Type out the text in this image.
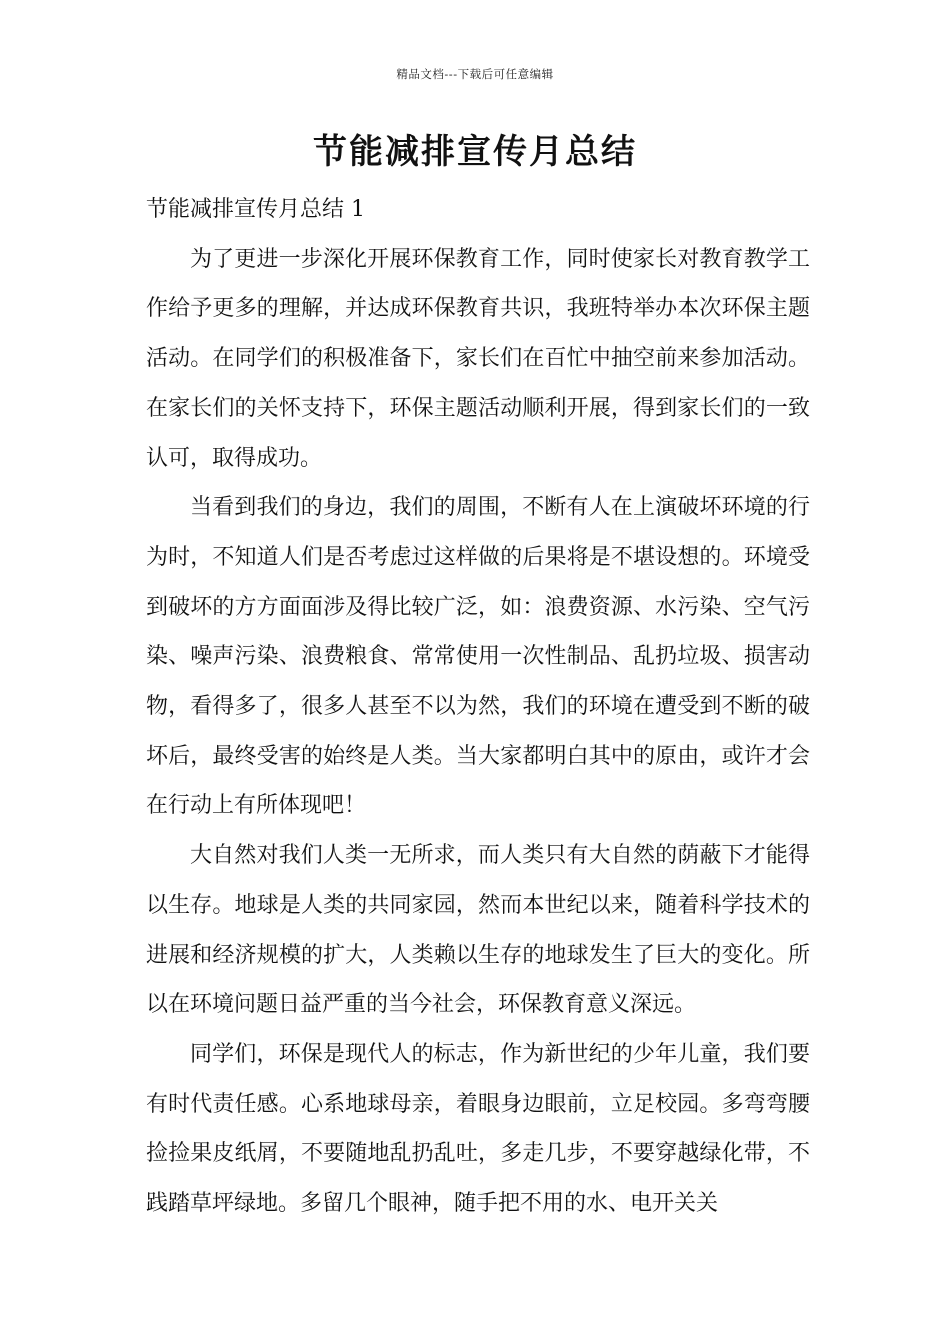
精品文档---下载后可任意编辑
节能减排宣传月总结

节能减排宣传月总结 1

为了更进一步深化开展环保教育工作，同时使家长对教育教学工作给予更多的理解，并达成环保教育共识，我班特举办本次环保主题活动。在同学们的积极准备下，家长们在百忙中抽空前来参加活动。在家长们的关怀支持下，环保主题活动顺利开展，得到家长们的一致认可，取得成功。

当看到我们的身边，我们的周围，不断有人在上演破坏环境的行为时，不知道人们是否考虑过这样做的后果将是不堪设想的。环境受到破坏的方方面面涉及得比较广泛，如：浪费资源、水污染、空气污染、噪声污染、浪费粮食、常常使用一次性制品、乱扔垃圾、损害动物，看得多了，很多人甚至不以为然，我们的环境在遭受到不断的破坏后，最终受害的始终是人类。当大家都明白其中的原由，或许才会在行动上有所体现吧！

大自然对我们人类一无所求，而人类只有大自然的荫蔽下才能得以生存。地球是人类的共同家园，然而本世纪以来，随着科学技术的进展和经济规模的扩大，人类赖以生存的地球发生了巨大的变化。所以在环境问题日益严重的当今社会，环保教育意义深远。

同学们，环保是现代人的标志，作为新世纪的少年儿童，我们要有时代责任感。心系地球母亲，着眼身边眼前，立足校园。多弯弯腰捡捡果皮纸屑，不要随地乱扔乱吐，多走几步，不要穿越绿化带，不践踏草坪绿地。多留几个眼神，随手把不用的水、电开关关
